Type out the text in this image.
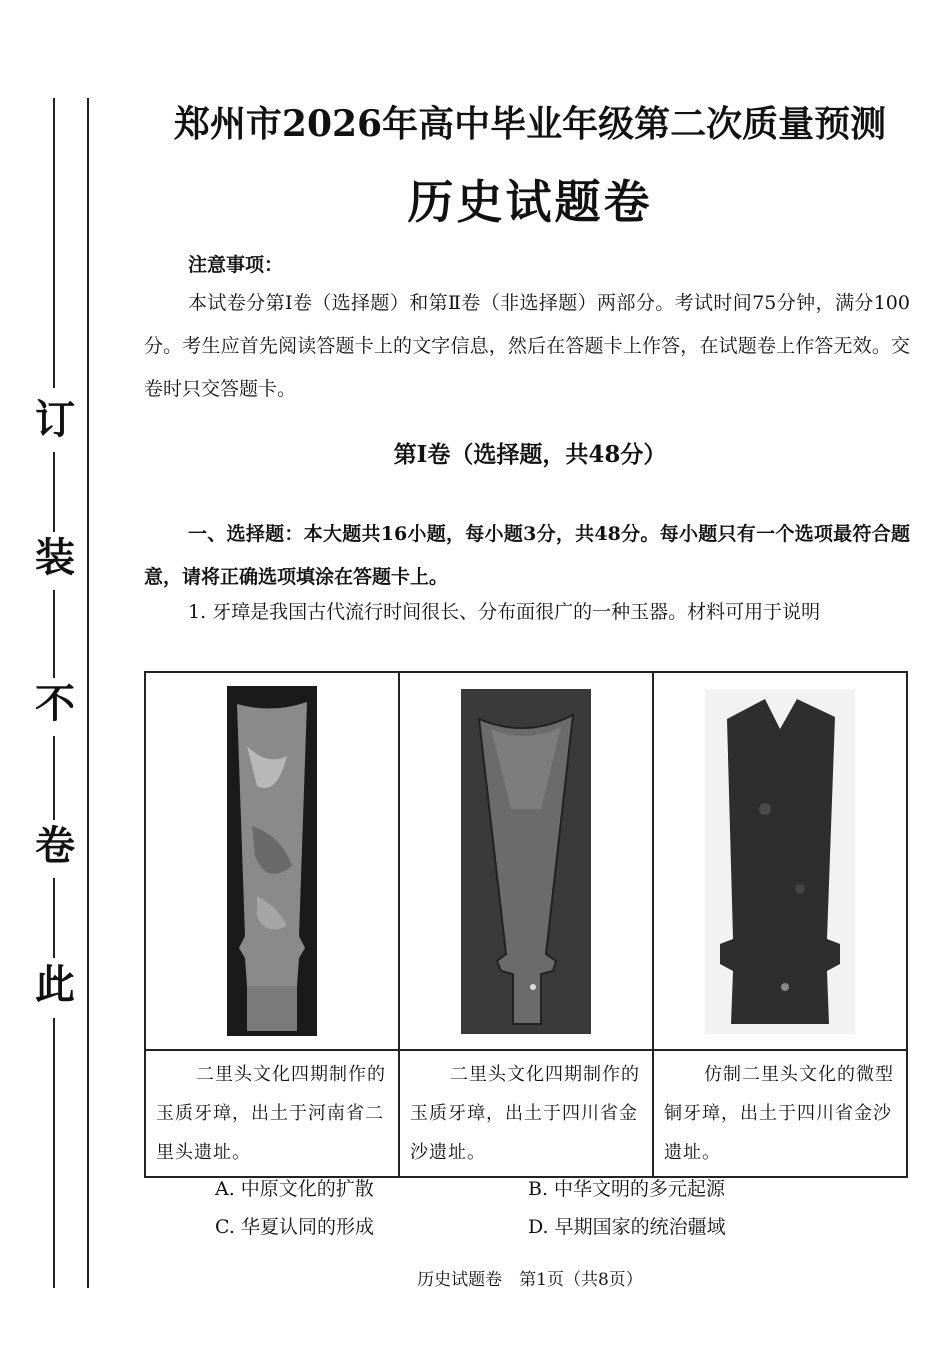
订
装
不
卷
此
郑州市2026年高中毕业年级第二次质量预测
历史试题卷
注意事项：
本试卷分第Ⅰ卷（选择题）和第Ⅱ卷（非选择题）两部分。考试时间75分钟，满分100分。考生应首先阅读答题卡上的文字信息，然后在答题卡上作答，在试题卷上作答无效。交卷时只交答题卡。
第Ⅰ卷（选择题，共48分）
一、选择题：本大题共16小题，每小题3分，共48分。每小题只有一个选项最符合题意，请将正确选项填涂在答题卡上。
1. 牙璋是我国古代流行时间很长、分布面很广的一种玉器。材料可用于说明

二里头文化四期制作的玉质牙璋，出土于河南省二里头遗址。	二里头文化四期制作的玉质牙璋，出土于四川省金沙遗址。	仿制二里头文化的微型铜牙璋，出土于四川省金沙遗址。
A. 中原文化的扩散	B. 中华文明的多元起源
C. 华夏认同的形成	D. 早期国家的统治疆域
历史试题卷　第1页（共8页）
